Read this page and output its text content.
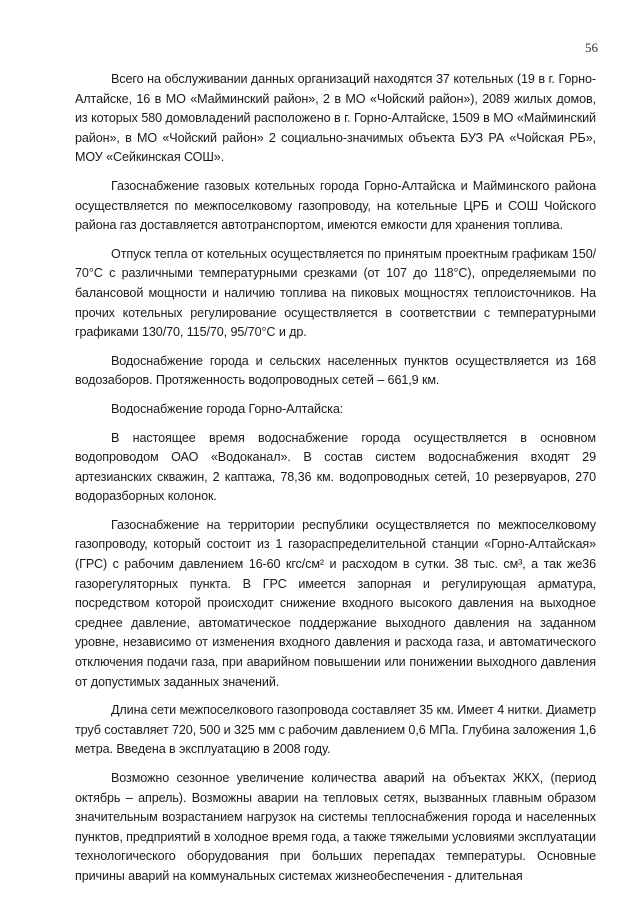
56

Всего на обслуживании данных организаций находятся 37 котельных (19 в г. Горно-Алтайске, 16 в МО «Майминский район», 2 в МО «Чойский район»), 2089 жилых домов, из которых 580 домовладений расположено в г. Горно-Алтайске, 1509 в МО «Майминский район», в МО «Чойский район» 2 социально-значимых объекта БУЗ РА «Чойская РБ», МОУ «Сейкинская СОШ».

Газоснабжение газовых котельных города Горно-Алтайска и Майминского района осуществляется по межпоселковому газопроводу, на котельные ЦРБ и СОШ Чойского района газ доставляется автотранспортом, имеются емкости для хранения топлива.

Отпуск тепла от котельных осуществляется по принятым проектным графикам 150/ 70°С с различными температурными срезками (от 107 до 118°С), определяемыми по балансовой мощности и наличию топлива на пиковых мощностях теплоисточников. На прочих котельных регулирование осуществляется в соответствии с температурными графиками 130/70, 115/70, 95/70°С и др.

Водоснабжение города и сельских населенных пунктов осуществляется из 168 водозаборов. Протяженность водопроводных сетей – 661,9 км.

Водоснабжение города Горно-Алтайска:

В настоящее время водоснабжение города осуществляется в основном водопроводом ОАО «Водоканал». В состав систем водоснабжения входят 29 артезианских скважин, 2 каптажа, 78,36 км. водопроводных сетей, 10 резервуаров, 270 водоразборных колонок.

Газоснабжение на территории республики осуществляется по межпоселковому газопроводу, который состоит из 1 газораспределительной станции «Горно-Алтайская» (ГРС) с рабочим давлением 16-60 кгс/см² и расходом в сутки. 38 тыс. см³, а так же36 газорегуляторных пункта. В ГРС имеется запорная и регулирующая арматура, посредством которой происходит снижение входного высокого давления на выходное среднее давление, автоматическое поддержание выходного давления на заданном уровне, независимо от изменения входного давления и расхода газа, и автоматического отключения подачи газа, при аварийном повышении или понижении выходного давления от допустимых заданных значений.

Длина сети межпоселкового газопровода составляет 35 км. Имеет 4 нитки. Диаметр труб составляет 720, 500 и 325 мм с рабочим давлением 0,6 МПа. Глубина заложения 1,6 метра. Введена в эксплуатацию в 2008 году.

Возможно сезонное увеличение количества аварий на объектах ЖКХ, (период октябрь – апрель). Возможны аварии на тепловых сетях, вызванных главным образом значительным возрастанием нагрузок на системы теплоснабжения города и населенных пунктов, предприятий в холодное время года, а также тяжелыми условиями эксплуатации технологического оборудования при больших перепадах температуры. Основные причины аварий на коммунальных системах жизнеобеспечения - длительная
